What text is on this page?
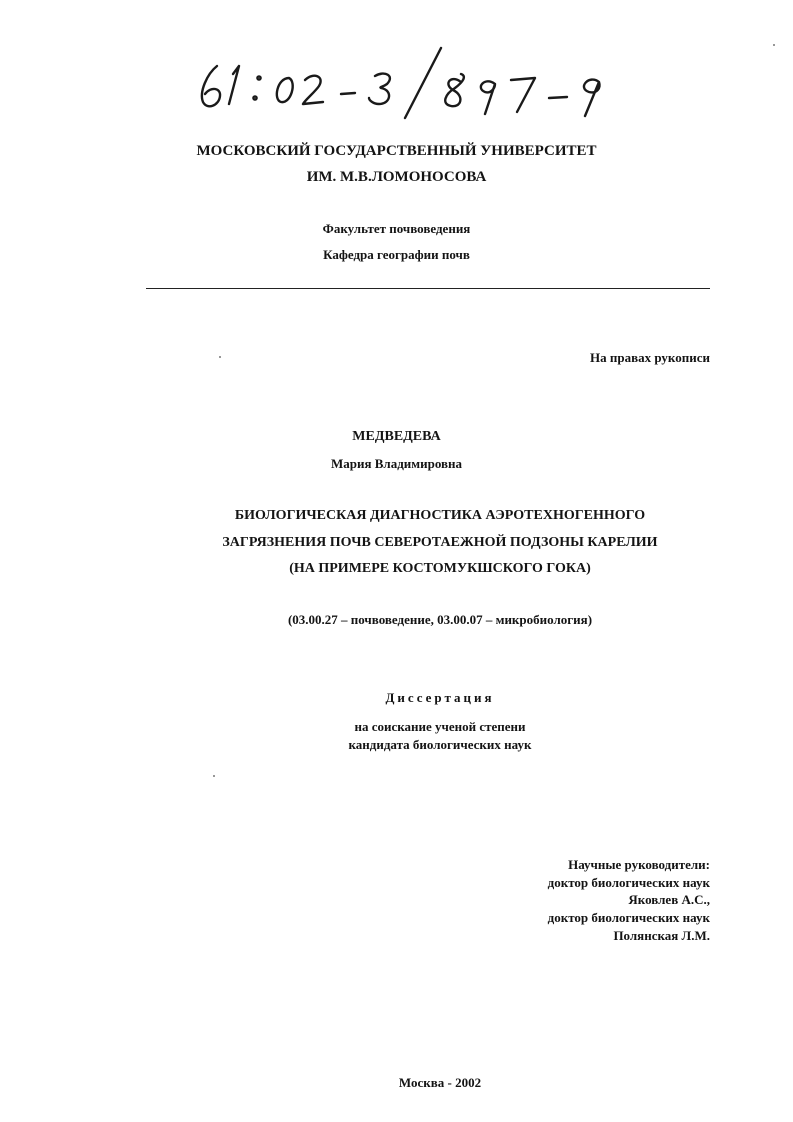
МОСКОВСКИЙ ГОСУДАРСТВЕННЫЙ УНИВЕРСИТЕТ
ИМ. М.В.ЛОМОНОСОВА
Факультет почвоведения
Кафедра географии почв
На правах рукописи
МЕДВЕДЕВА
Мария Владимировна
БИОЛОГИЧЕСКАЯ ДИАГНОСТИКА АЭРОТЕХНОГЕННОГО
ЗАГРЯЗНЕНИЯ ПОЧВ СЕВЕРОТАЕЖНОЙ ПОДЗОНЫ КАРЕЛИИ
(НА ПРИМЕРЕ КОСТОМУКШСКОГО ГОКА)
(03.00.27 – почвоведение, 03.00.07 – микробиология)
Диссертация
на соискание ученой степени
кандидата биологических наук
Научные руководители:
доктор биологических наук
Яковлев А.С.,
доктор биологических наук
Полянская Л.М.
Москва - 2002
